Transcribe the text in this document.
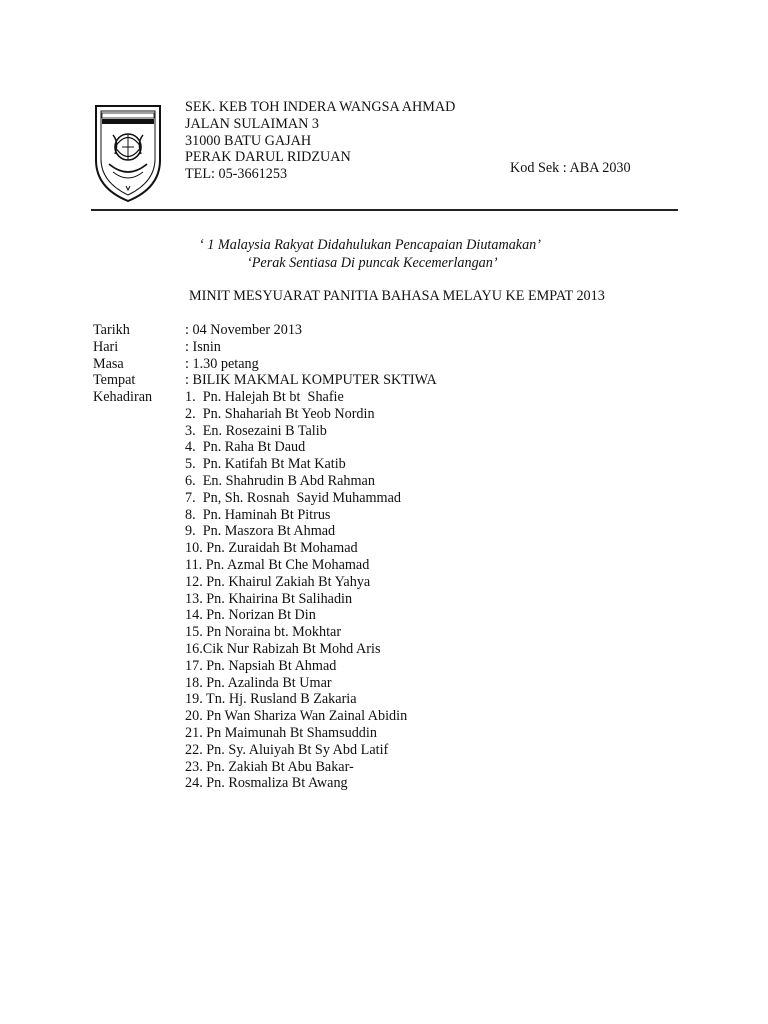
SEK. KEB TOH INDERA WANGSA AHMAD
JALAN SULAIMAN 3
31000 BATU GAJAH
PERAK DARUL RIDZUAN
TEL: 05-3661253	Kod Sek : ABA 2030
‘ 1 Malaysia Rakyat Didahulukan Pencapaian Diutamakan’
‘Perak Sentiasa Di puncak Kecemerlangan’
MINIT MESYUARAT PANITIA BAHASA MELAYU KE EMPAT 2013
Tarikh	: 04 November 2013
Hari	: Isnin
Masa	: 1.30 petang
Tempat	: BILIK MAKMAL KOMPUTER SKTIWA
Kehadiran 1.  Pn. Halejah Bt bt  Shafie
2.  Pn. Shahariah Bt Yeob Nordin
3.  En. Rosezaini B Talib
4.  Pn. Raha Bt Daud
5.  Pn. Katifah Bt Mat Katib
6.  En. Shahrudin B Abd Rahman
7.  Pn, Sh. Rosnah  Sayid Muhammad
8.  Pn. Haminah Bt Pitrus
9.  Pn. Maszora Bt Ahmad
10. Pn. Zuraidah Bt Mohamad
11. Pn. Azmal Bt Che Mohamad
12. Pn. Khairul Zakiah Bt Yahya
13. Pn. Khairina Bt Salihadin
14. Pn. Norizan Bt Din
15. Pn Noraina bt. Mokhtar
16.Cik Nur Rabizah Bt Mohd Aris
17. Pn. Napsiah Bt Ahmad
18. Pn. Azalinda Bt Umar
19. Tn. Hj. Rusland B Zakaria
20. Pn Wan Shariza Wan Zainal Abidin
21. Pn Maimunah Bt Shamsuddin
22. Pn. Sy. Aluiyah Bt Sy Abd Latif
23. Pn. Zakiah Bt Abu Bakar-
24. Pn. Rosmaliza Bt Awang
